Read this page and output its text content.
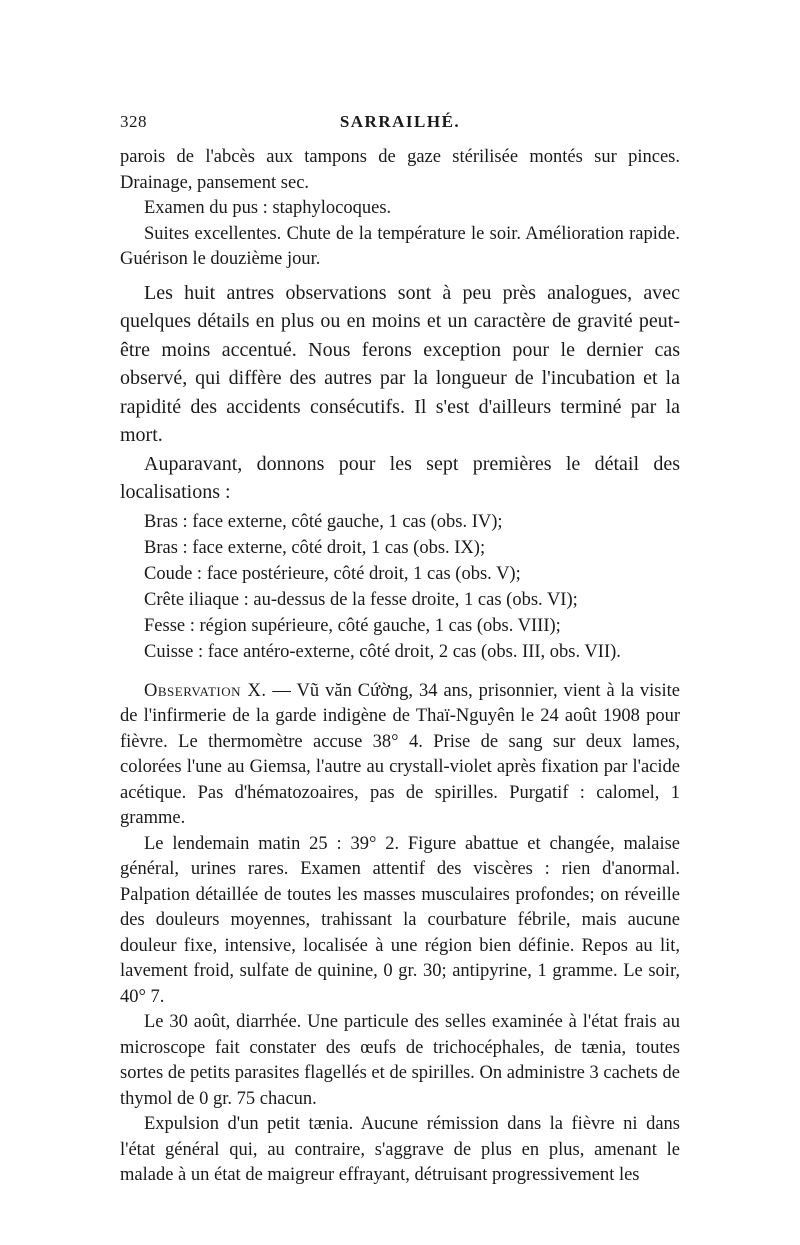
328	SARRAILHÉ.

parois de l'abcès aux tampons de gaze stérilisée montés sur pinces. Drainage, pansement sec.

Examen du pus : staphylocoques.

Suites excellentes. Chute de la température le soir. Amélioration rapide. Guérison le douzième jour.

Les huit antres observations sont à peu près analogues, avec quelques détails en plus ou en moins et un caractère de gravité peut-être moins accentué. Nous ferons exception pour le dernier cas observé, qui diffère des autres par la longueur de l'incubation et la rapidité des accidents consécutifs. Il s'est d'ailleurs terminé par la mort.

Auparavant, donnons pour les sept premières le détail des localisations :

Bras : face externe, côté gauche, 1 cas (obs. IV);
Bras : face externe, côté droit, 1 cas (obs. IX);
Coude : face postérieure, côté droit, 1 cas (obs. V);
Crête iliaque : au-dessus de la fesse droite, 1 cas (obs. VI);
Fesse : région supérieure, côté gauche, 1 cas (obs. VIII);
Cuisse : face antéro-externe, côté droit, 2 cas (obs. III, obs. VII).

Observation X. — Vũ văn Cứờng, 34 ans, prisonnier, vient à la visite de l'infirmerie de la garde indigène de Thaï-Nguyên le 24 août 1908 pour fièvre. Le thermomètre accuse 38° 4. Prise de sang sur deux lames, colorées l'une au Giemsa, l'autre au crystall-violet après fixation par l'acide acétique. Pas d'hématozoaires, pas de spirilles. Purgatif : calomel, 1 gramme.

Le lendemain matin 25 : 39° 2. Figure abattue et changée, malaise général, urines rares. Examen attentif des viscères : rien d'anormal. Palpation détaillée de toutes les masses musculaires profondes; on réveille des douleurs moyennes, trahissant la courbature fébrile, mais aucune douleur fixe, intensive, localisée à une région bien définie. Repos au lit, lavement froid, sulfate de quinine, 0 gr. 30; antipyrine, 1 gramme. Le soir, 40° 7.

Le 30 août, diarrhée. Une particule des selles examinée à l'état frais au microscope fait constater des œufs de trichocéphales, de tænia, toutes sortes de petits parasites flagellés et de spirilles. On administre 3 cachets de thymol de 0 gr. 75 chacun.

Expulsion d'un petit tænia. Aucune rémission dans la fièvre ni dans l'état général qui, au contraire, s'aggrave de plus en plus, amenant le malade à un état de maigreur effrayant, détruisant progressivement les
